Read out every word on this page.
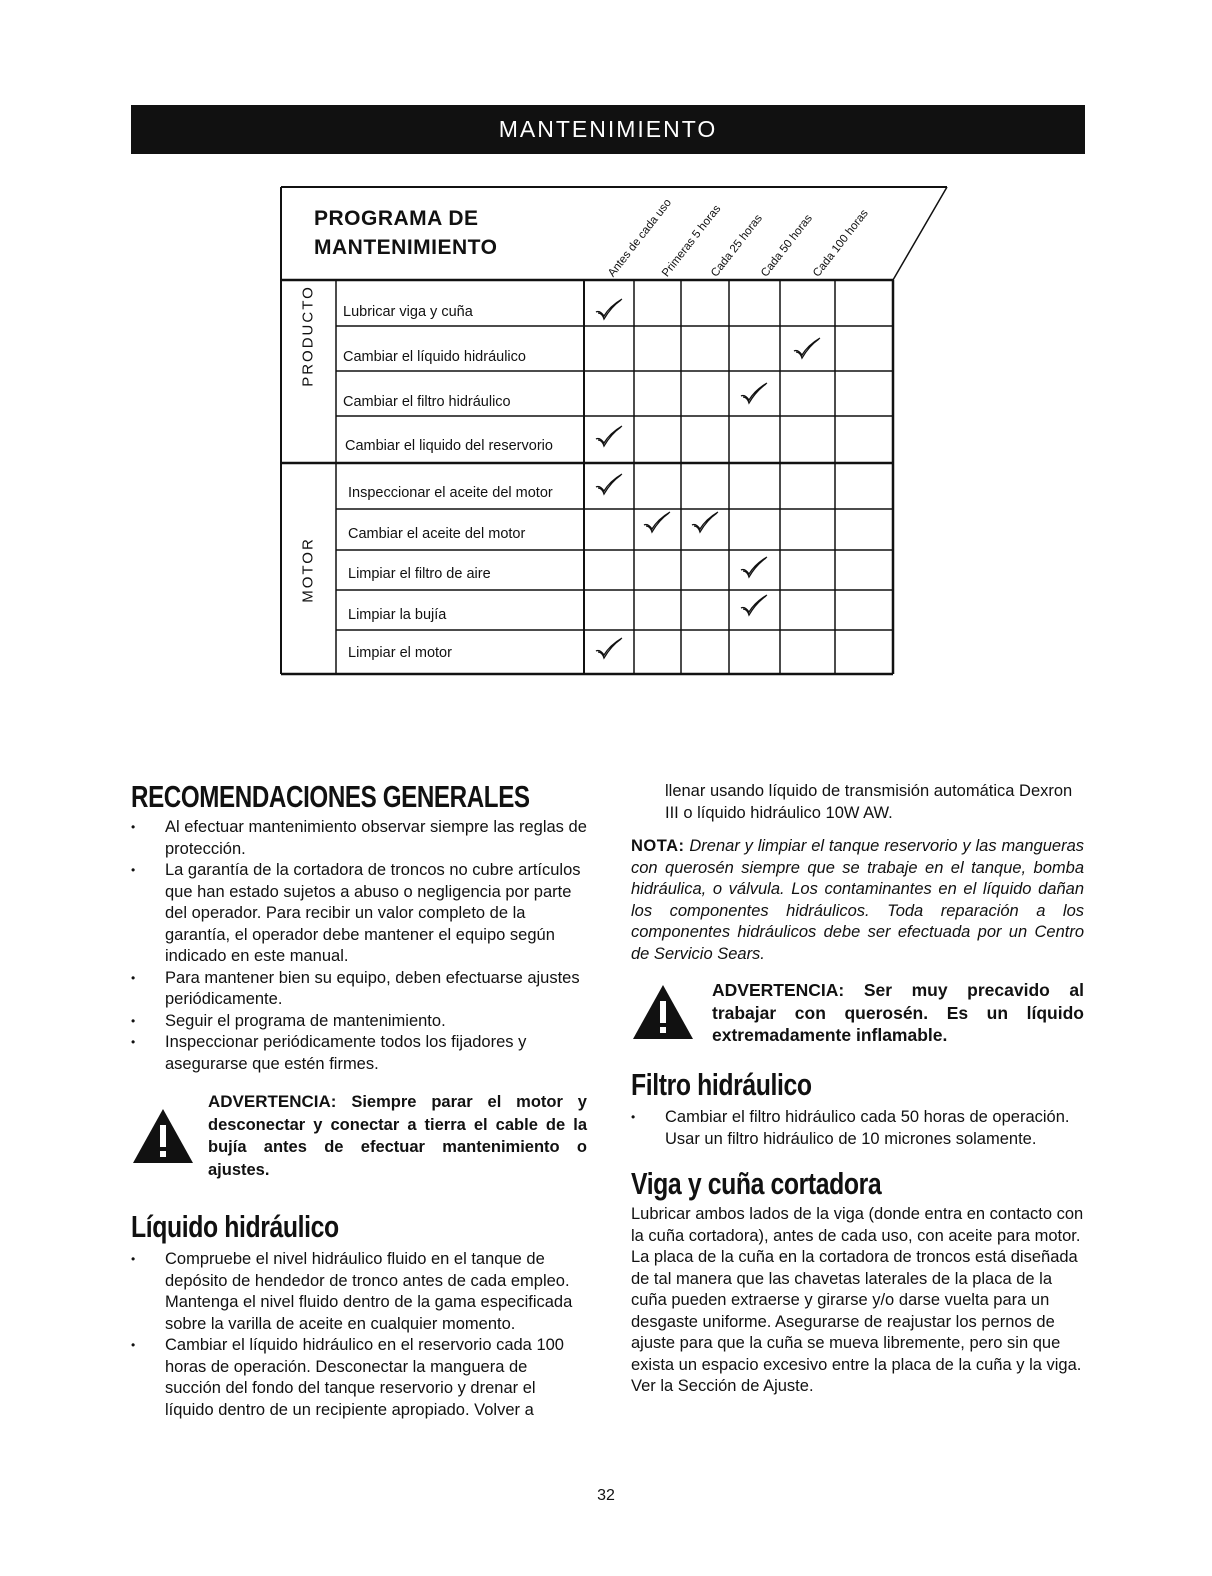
MANTENIMIENTO
PROGRAMA DE
MANTENIMIENTO	Antes de cada uso
Primeras 5 horas
Cada 25 horas
Cada 50 horas
Cada 100 horas
PRODUCTO
MOTOR
Lubricar viga y cuña
Cambiar el líquido hidráulico
Cambiar el filtro hidráulico
Cambiar el liquido del reservorio
Inspeccionar el aceite del motor
Cambiar el aceite del motor
Limpiar el filtro de aire
Limpiar la bujía
Limpiar el motor
RECOMENDACIONES GENERALES
• Al efectuar mantenimiento observar siempre las reglas de protección.
• La garantía de la cortadora de troncos no cubre artículos que han estado sujetos a abuso o negligencia por parte del operador. Para recibir un valor completo de la garantía, el operador debe mantener el equipo según indicado en este manual.
• Para mantener bien su equipo, deben efectuarse ajustes periódicamente.
• Seguir el programa de mantenimiento.
• Inspeccionar periódicamente todos los fijadores y asegurarse que estén firmes.
ADVERTENCIA: Siempre parar el motor y desconectar y conectar a tierra el cable de la bujía antes de efectuar mantenimiento o ajustes.
Líquido hidráulico
• Compruebe el nivel hidráulico fluido en el tanque de depósito de hendedor de tronco antes de cada empleo. Mantenga el nivel fluido dentro de la gama especificada sobre la varilla de aceite en cualquier momento.
• Cambiar el líquido hidráulico en el reservorio cada 100 horas de operación. Desconectar la manguera de succión del fondo del tanque reservorio y drenar el líquido dentro de un recipiente apropiado. Volver a
llenar usando líquido de transmisión automática Dexron III o líquido hidráulico 10W AW.
NOTA: Drenar y limpiar el tanque reservorio y las mangueras con querosén siempre que se trabaje en el tanque, bomba hidráulica, o válvula. Los contaminantes en el líquido dañan los componentes hidráulicos. Toda reparación a los componentes hidráulicos debe ser efectuada por un Centro de Servicio Sears.
ADVERTENCIA: Ser muy precavido al trabajar con querosén. Es un líquido extremadamente inflamable.
Filtro hidráulico
• Cambiar el filtro hidráulico cada 50 horas de operación. Usar un filtro hidráulico de 10 micrones solamente.
Viga y cuña cortadora
Lubricar ambos lados de la viga (donde entra en contacto con la cuña cortadora), antes de cada uso, con aceite para motor. La placa de la cuña en la cortadora de troncos está diseñada de tal manera que las chavetas laterales de la placa de la cuña pueden extraerse y girarse y/o darse vuelta para un desgaste uniforme. Asegurarse de reajustar los pernos de ajuste para que la cuña se mueva libremente, pero sin que exista un espacio excesivo entre la placa de la cuña y la viga. Ver la Sección de Ajuste.
32
